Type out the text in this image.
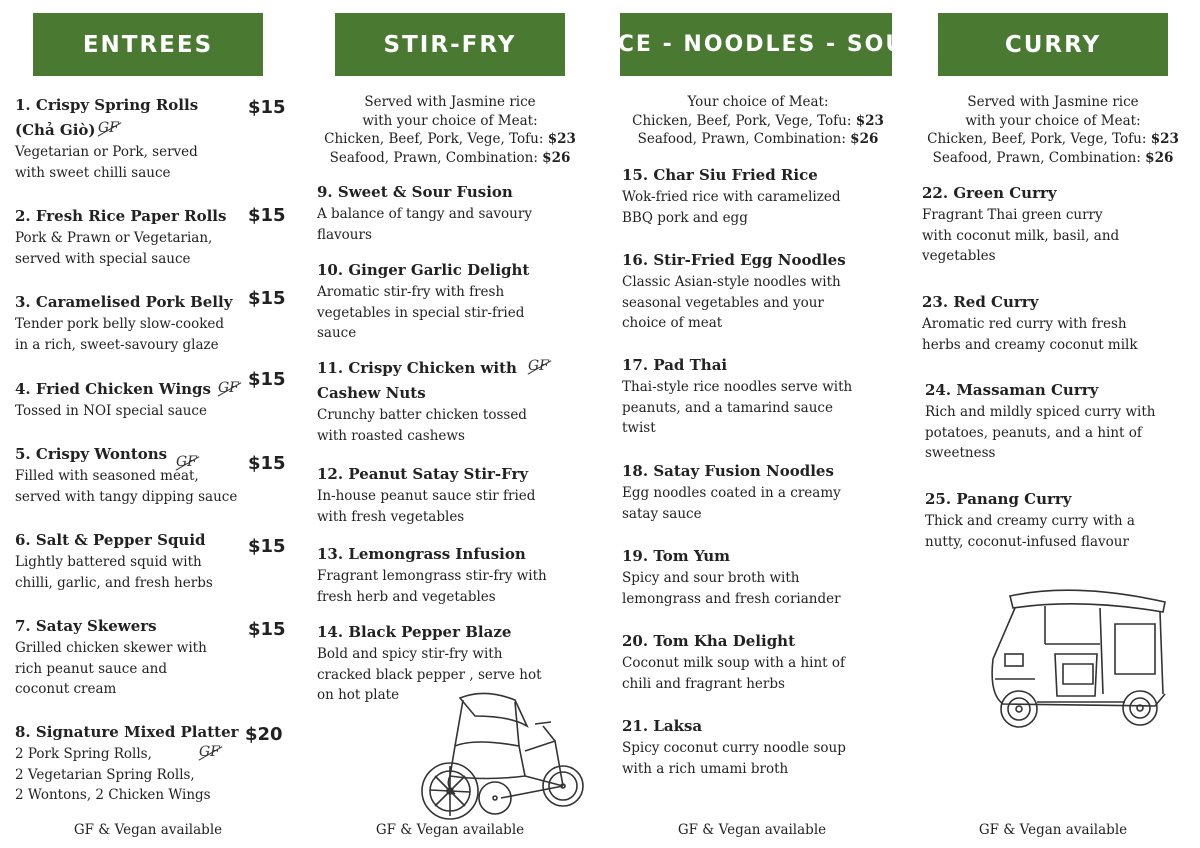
ENTREES
1. Crispy Spring Rolls
(Chả Giò)
Vegetarian or Pork, served
with sweet chilli sauce
GF
$15
2. Fresh Rice Paper Rolls
Pork & Prawn or Vegetarian,
served with special sauce
$15
3. Caramelised Pork Belly
Tender pork belly slow-cooked
in a rich, sweet-savoury glaze
$15
4. Fried Chicken Wings
Tossed in NOI special sauce
GF $15
5. Crispy Wontons
Filled with seasoned meat,
served with tangy dipping sauce
GF	$15
6. Salt & Pepper Squid
Lightly battered squid with
chilli, garlic, and fresh herbs
$15
7. Satay Skewers
Grilled chicken skewer with
rich peanut sauce and
coconut cream
$15
8. Signature Mixed Platter
2 Pork Spring Rolls,
2 Vegetarian Spring Rolls,
2 Wontons, 2 Chicken Wings
GF
$20
GF & Vegan available
STIR-FRY
Served with Jasmine rice
with your choice of Meat:
Chicken, Beef, Pork, Vege, Tofu: $23
Seafood, Prawn, Combination: $26
9. Sweet & Sour Fusion
A balance of tangy and savoury
flavours
10. Ginger Garlic Delight
Aromatic stir-fry with fresh
vegetables in special stir-fried
sauce
11. Crispy Chicken with
Cashew Nuts
Crunchy batter chicken tossed
with roasted cashews
GF
12. Peanut Satay Stir-Fry
In-house peanut sauce stir fried
with fresh vegetables
13. Lemongrass Infusion
Fragrant lemongrass stir-fry with
fresh herb and vegetables
14. Black Pepper Blaze
Bold and spicy stir-fry with
cracked black pepper , serve hot
on hot plate
GF & Vegan available
RICE - NOODLES - SOUP
Your choice of Meat:
Chicken, Beef, Pork, Vege, Tofu: $23
Seafood, Prawn, Combination: $26
15. Char Siu Fried Rice
Wok-fried rice with caramelized
BBQ pork and egg
16. Stir-Fried Egg Noodles
Classic Asian-style noodles with
seasonal vegetables and your
choice of meat
17. Pad Thai
Thai-style rice noodles serve with
peanuts, and a tamarind sauce
twist
18. Satay Fusion Noodles
Egg noodles coated in a creamy
satay sauce
19. Tom Yum
Spicy and sour broth with
lemongrass and fresh coriander
20. Tom Kha Delight
Coconut milk soup with a hint of
chili and fragrant herbs
21. Laksa
Spicy coconut curry noodle soup
with a rich umami broth
GF & Vegan available
CURRY
Served with Jasmine rice
with your choice of Meat:
Chicken, Beef, Pork, Vege, Tofu: $23
Seafood, Prawn, Combination: $26
22. Green Curry
Fragrant Thai green curry
with coconut milk, basil, and
vegetables
23. Red Curry
Aromatic red curry with fresh
herbs and creamy coconut milk
24. Massaman Curry
Rich and mildly spiced curry with
potatoes, peanuts, and a hint of
sweetness
25. Panang Curry
Thick and creamy curry with a
nutty, coconut-infused flavour
GF & Vegan available
